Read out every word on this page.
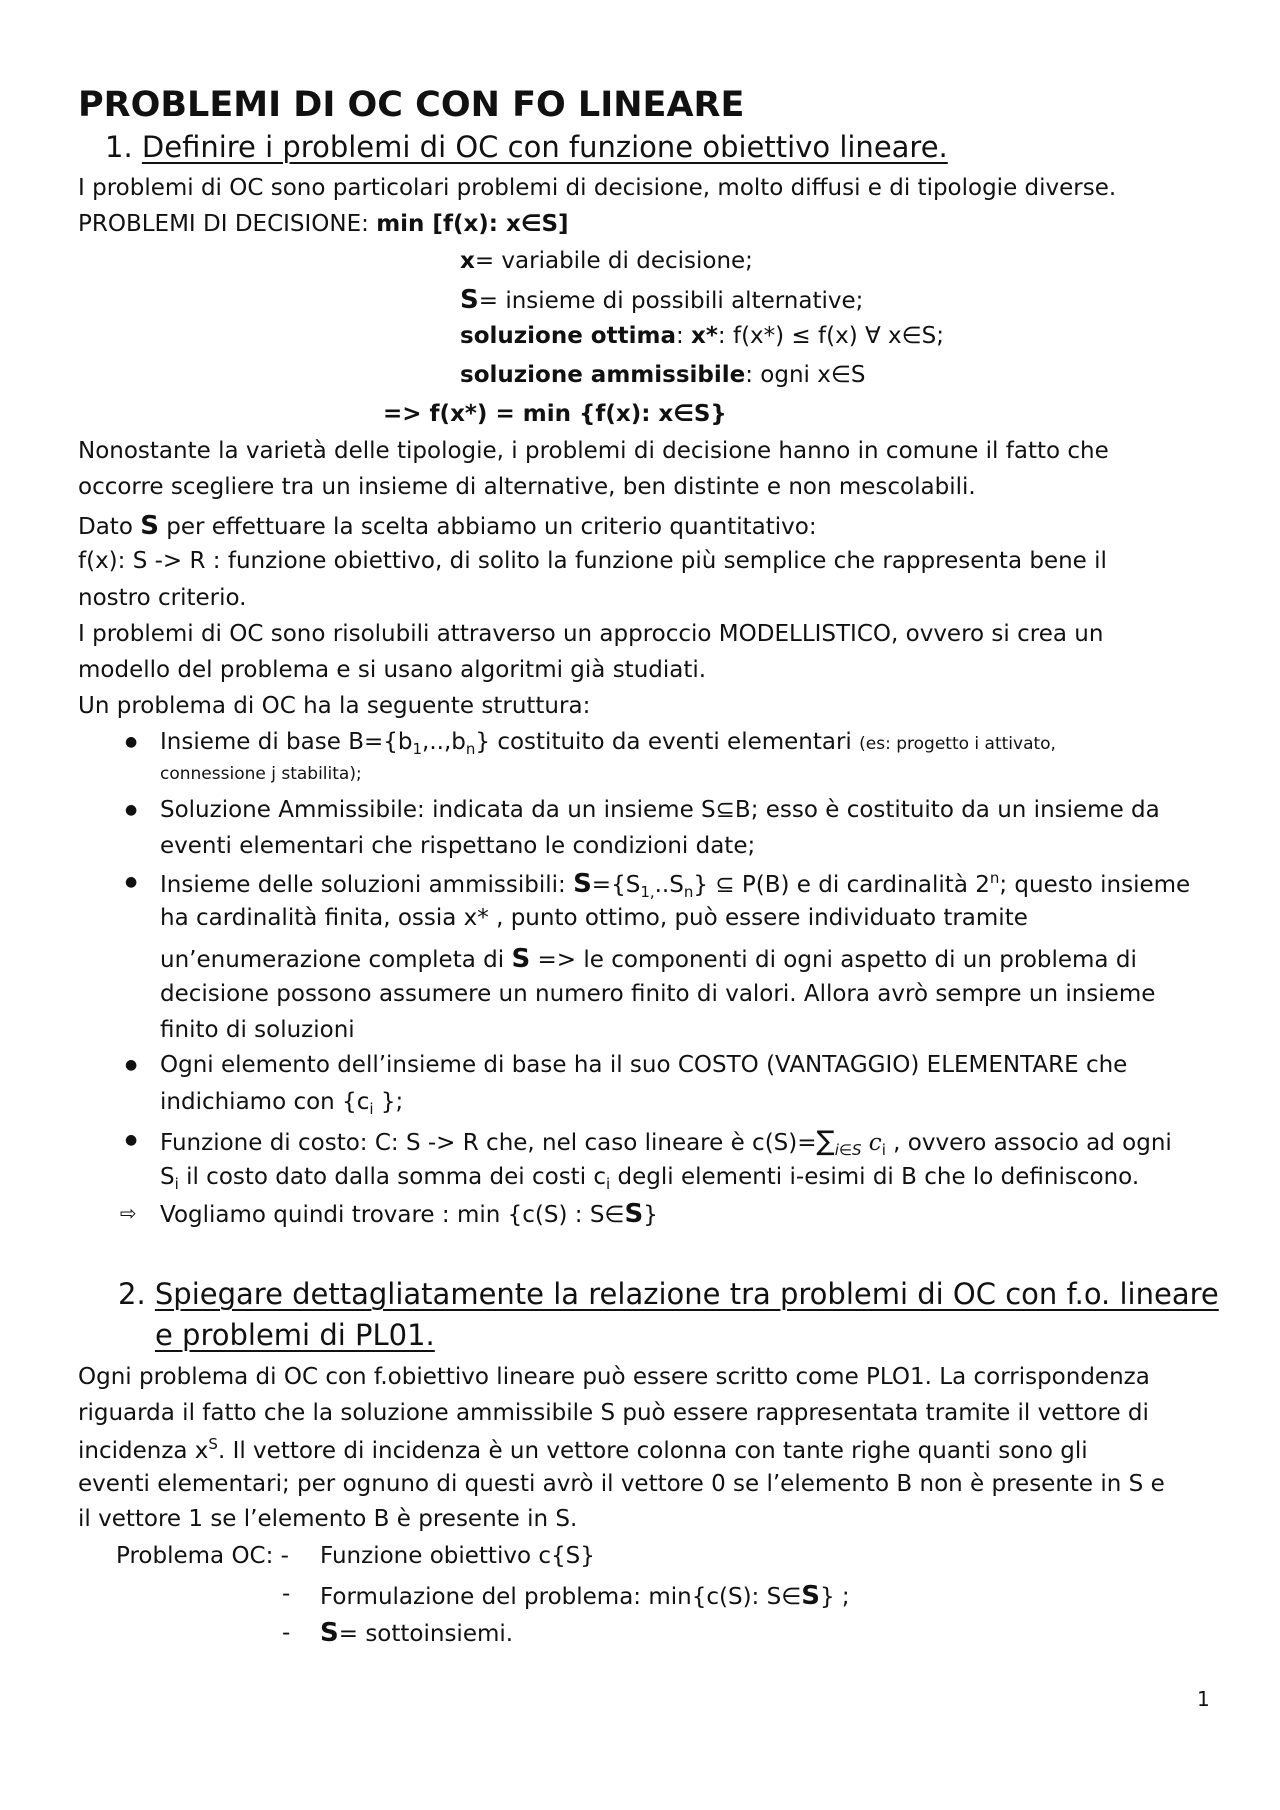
PROBLEMI DI OC CON FO LINEARE
1. Definire i problemi di OC con funzione obiettivo lineare.
I problemi di OC sono particolari problemi di decisione, molto diffusi e di tipologie diverse.
PROBLEMI DI DECISIONE: min [f(x): x∈S]
x= variabile di decisione;
S= insieme di possibili alternative;
soluzione ottima: x*: f(x*) ≤ f(x) ∀ x∈S;
soluzione ammissibile: ogni x∈S
=> f(x*) = min {f(x): x∈S}
Nonostante la varietà delle tipologie, i problemi di decisione hanno in comune il fatto che
occorre scegliere tra un insieme di alternative, ben distinte e non mescolabili.
Dato S per effettuare la scelta abbiamo un criterio quantitativo:
f(x): S -> R : funzione obiettivo, di solito la funzione più semplice che rappresenta bene il
nostro criterio.
I problemi di OC sono risolubili attraverso un approccio MODELLISTICO, ovvero si crea un
modello del problema e si usano algoritmi già studiati.
Un problema di OC ha la seguente struttura:
● Insieme di base $B=\{b_1,..,b_n\}$ costituito da eventi elementari (es: progetto i attivato,
connessione j stabilita);
● Soluzione Ammissibile: indicata da un insieme S⊆B; esso è costituito da un insieme da
eventi elementari che rispettano le condizioni date;
● Insieme delle soluzioni ammissibili: $S=\{S_{1,}..S_n\}$ ⊆ P(B) e di cardinalità 2$^n$; questo insieme
ha cardinalità finita, ossia x* , punto ottimo, può essere individuato tramite
un’enumerazione completa di S => le componenti di ogni aspetto di un problema di
decisione possono assumere un numero finito di valori. Allora avrò sempre un insieme
finito di soluzioni
● Ogni elemento dell’insieme di base ha il suo COSTO (VANTAGGIO) ELEMENTARE che
indichiamo con {$c_i$ };
● Funzione di costo: C: S -> R che, nel caso lineare è $c(S)=\sum_{i\in S}$ $c_i$ , ovvero associo ad ogni
$S_i$ il costo dato dalla somma dei costi $c_i$ degli elementi i-esimi di B che lo definiscono.
⇨ Vogliamo quindi trovare : min {c(S) : S∈S}
2. Spiegare dettagliatamente la relazione tra problemi di OC con f.o. lineare
e problemi di PL01.
Ogni problema di OC con f.obiettivo lineare può essere scritto come PLO1. La corrispondenza
riguarda il fatto che la soluzione ammissibile S può essere rappresentata tramite il vettore di
incidenza $x^S$. Il vettore di incidenza è un vettore colonna con tante righe quanti sono gli
eventi elementari; per ognuno di questi avrò il vettore 0 se l’elemento B non è presente in S e
il vettore 1 se l’elemento B è presente in S.
Problema OC: - Funzione obiettivo c{S}
- Formulazione del problema: min{c(S): S∈S} ;
- S= sottoinsiemi.
1
